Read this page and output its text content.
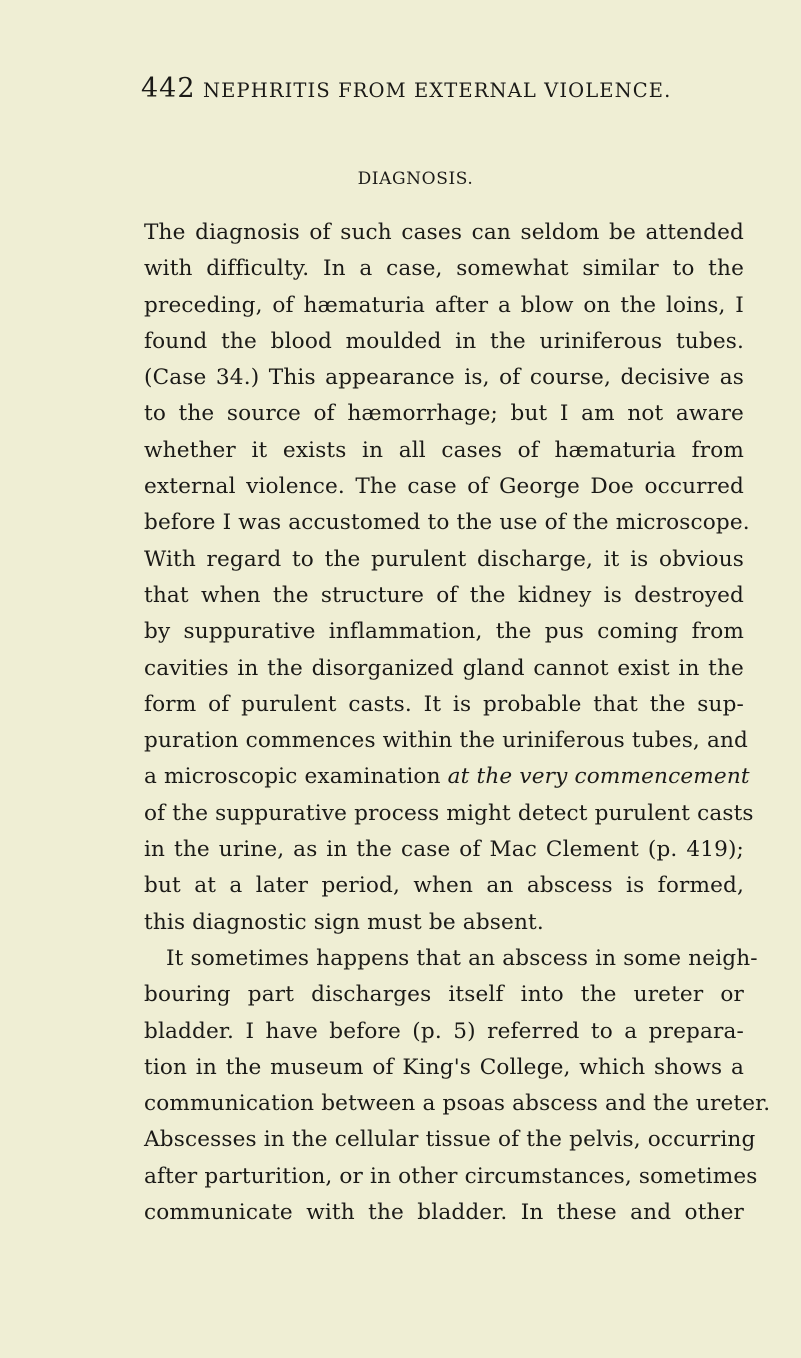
442 NEPHRITIS FROM EXTERNAL VIOLENCE.
DIAGNOSIS.
The diagnosis of such cases can seldom be attended
with difficulty. In a case, somewhat similar to the
preceding, of hæmaturia after a blow on the loins, I
found the blood moulded in the uriniferous tubes.
(Case 34.) This appearance is, of course, decisive as
to the source of hæmorrhage; but I am not aware
whether it exists in all cases of hæmaturia from
external violence. The case of George Doe occurred
before I was accustomed to the use of the microscope.
With regard to the purulent discharge, it is obvious
that when the structure of the kidney is destroyed
by suppurative inflammation, the pus coming from
cavities in the disorganized gland cannot exist in the
form of purulent casts. It is probable that the sup-
puration commences within the uriniferous tubes, and
a microscopic examination at the very commencement
of the suppurative process might detect purulent casts
in the urine, as in the case of Mac Clement (p. 419);
but at a later period, when an abscess is formed,
this diagnostic sign must be absent.
It sometimes happens that an abscess in some neigh-
bouring part discharges itself into the ureter or
bladder. I have before (p. 5) referred to a prepara-
tion in the museum of King's College, which shows a
communication between a psoas abscess and the ureter.
Abscesses in the cellular tissue of the pelvis, occurring
after parturition, or in other circumstances, sometimes
communicate with the bladder. In these and other
